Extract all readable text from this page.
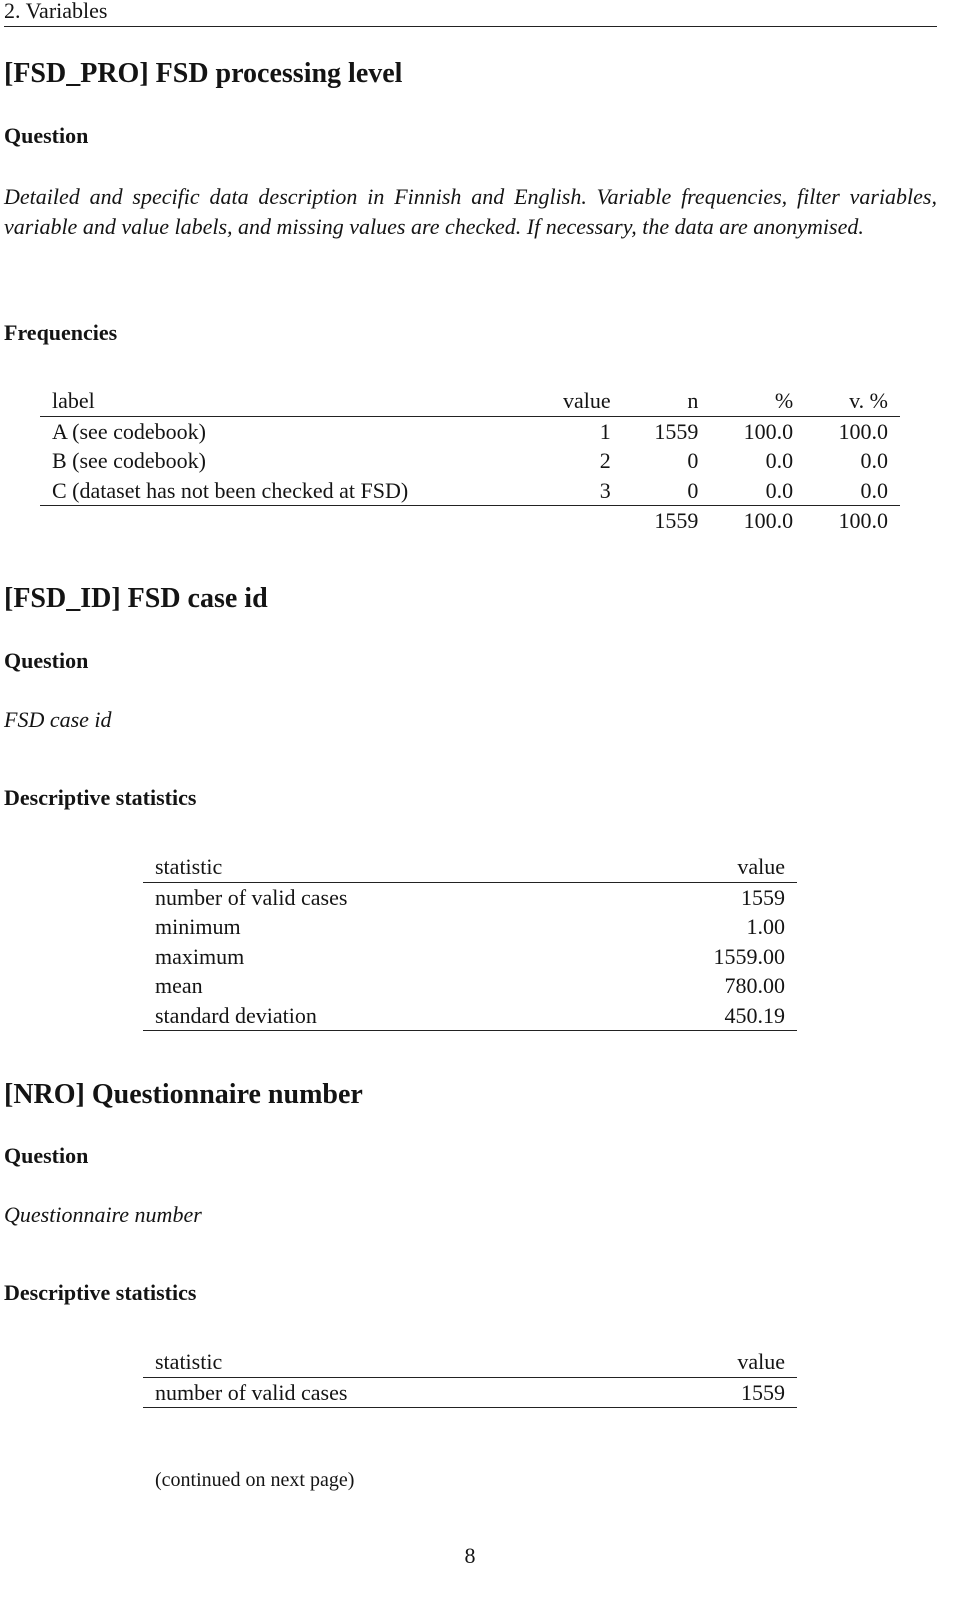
2. Variables
[FSD_PRO] FSD processing level
Question
Detailed and specific data description in Finnish and English. Variable frequencies, filter variables, variable and value labels, and missing values are checked. If necessary, the data are anonymised.
Frequencies
label	value	n	%	v. %
A (see codebook)	1	1559	100.0	100.0
B (see codebook)	2	0	0.0	0.0
C (dataset has not been checked at FSD)	3	0	0.0	0.0
		1559	100.0	100.0
[FSD_ID] FSD case id
Question
FSD case id
Descriptive statistics
statistic	value
number of valid cases	1559
minimum	1.00
maximum	1559.00
mean	780.00
standard deviation	450.19
[NRO] Questionnaire number
Question
Questionnaire number
Descriptive statistics
statistic	value
number of valid cases	1559
(continued on next page)
8
